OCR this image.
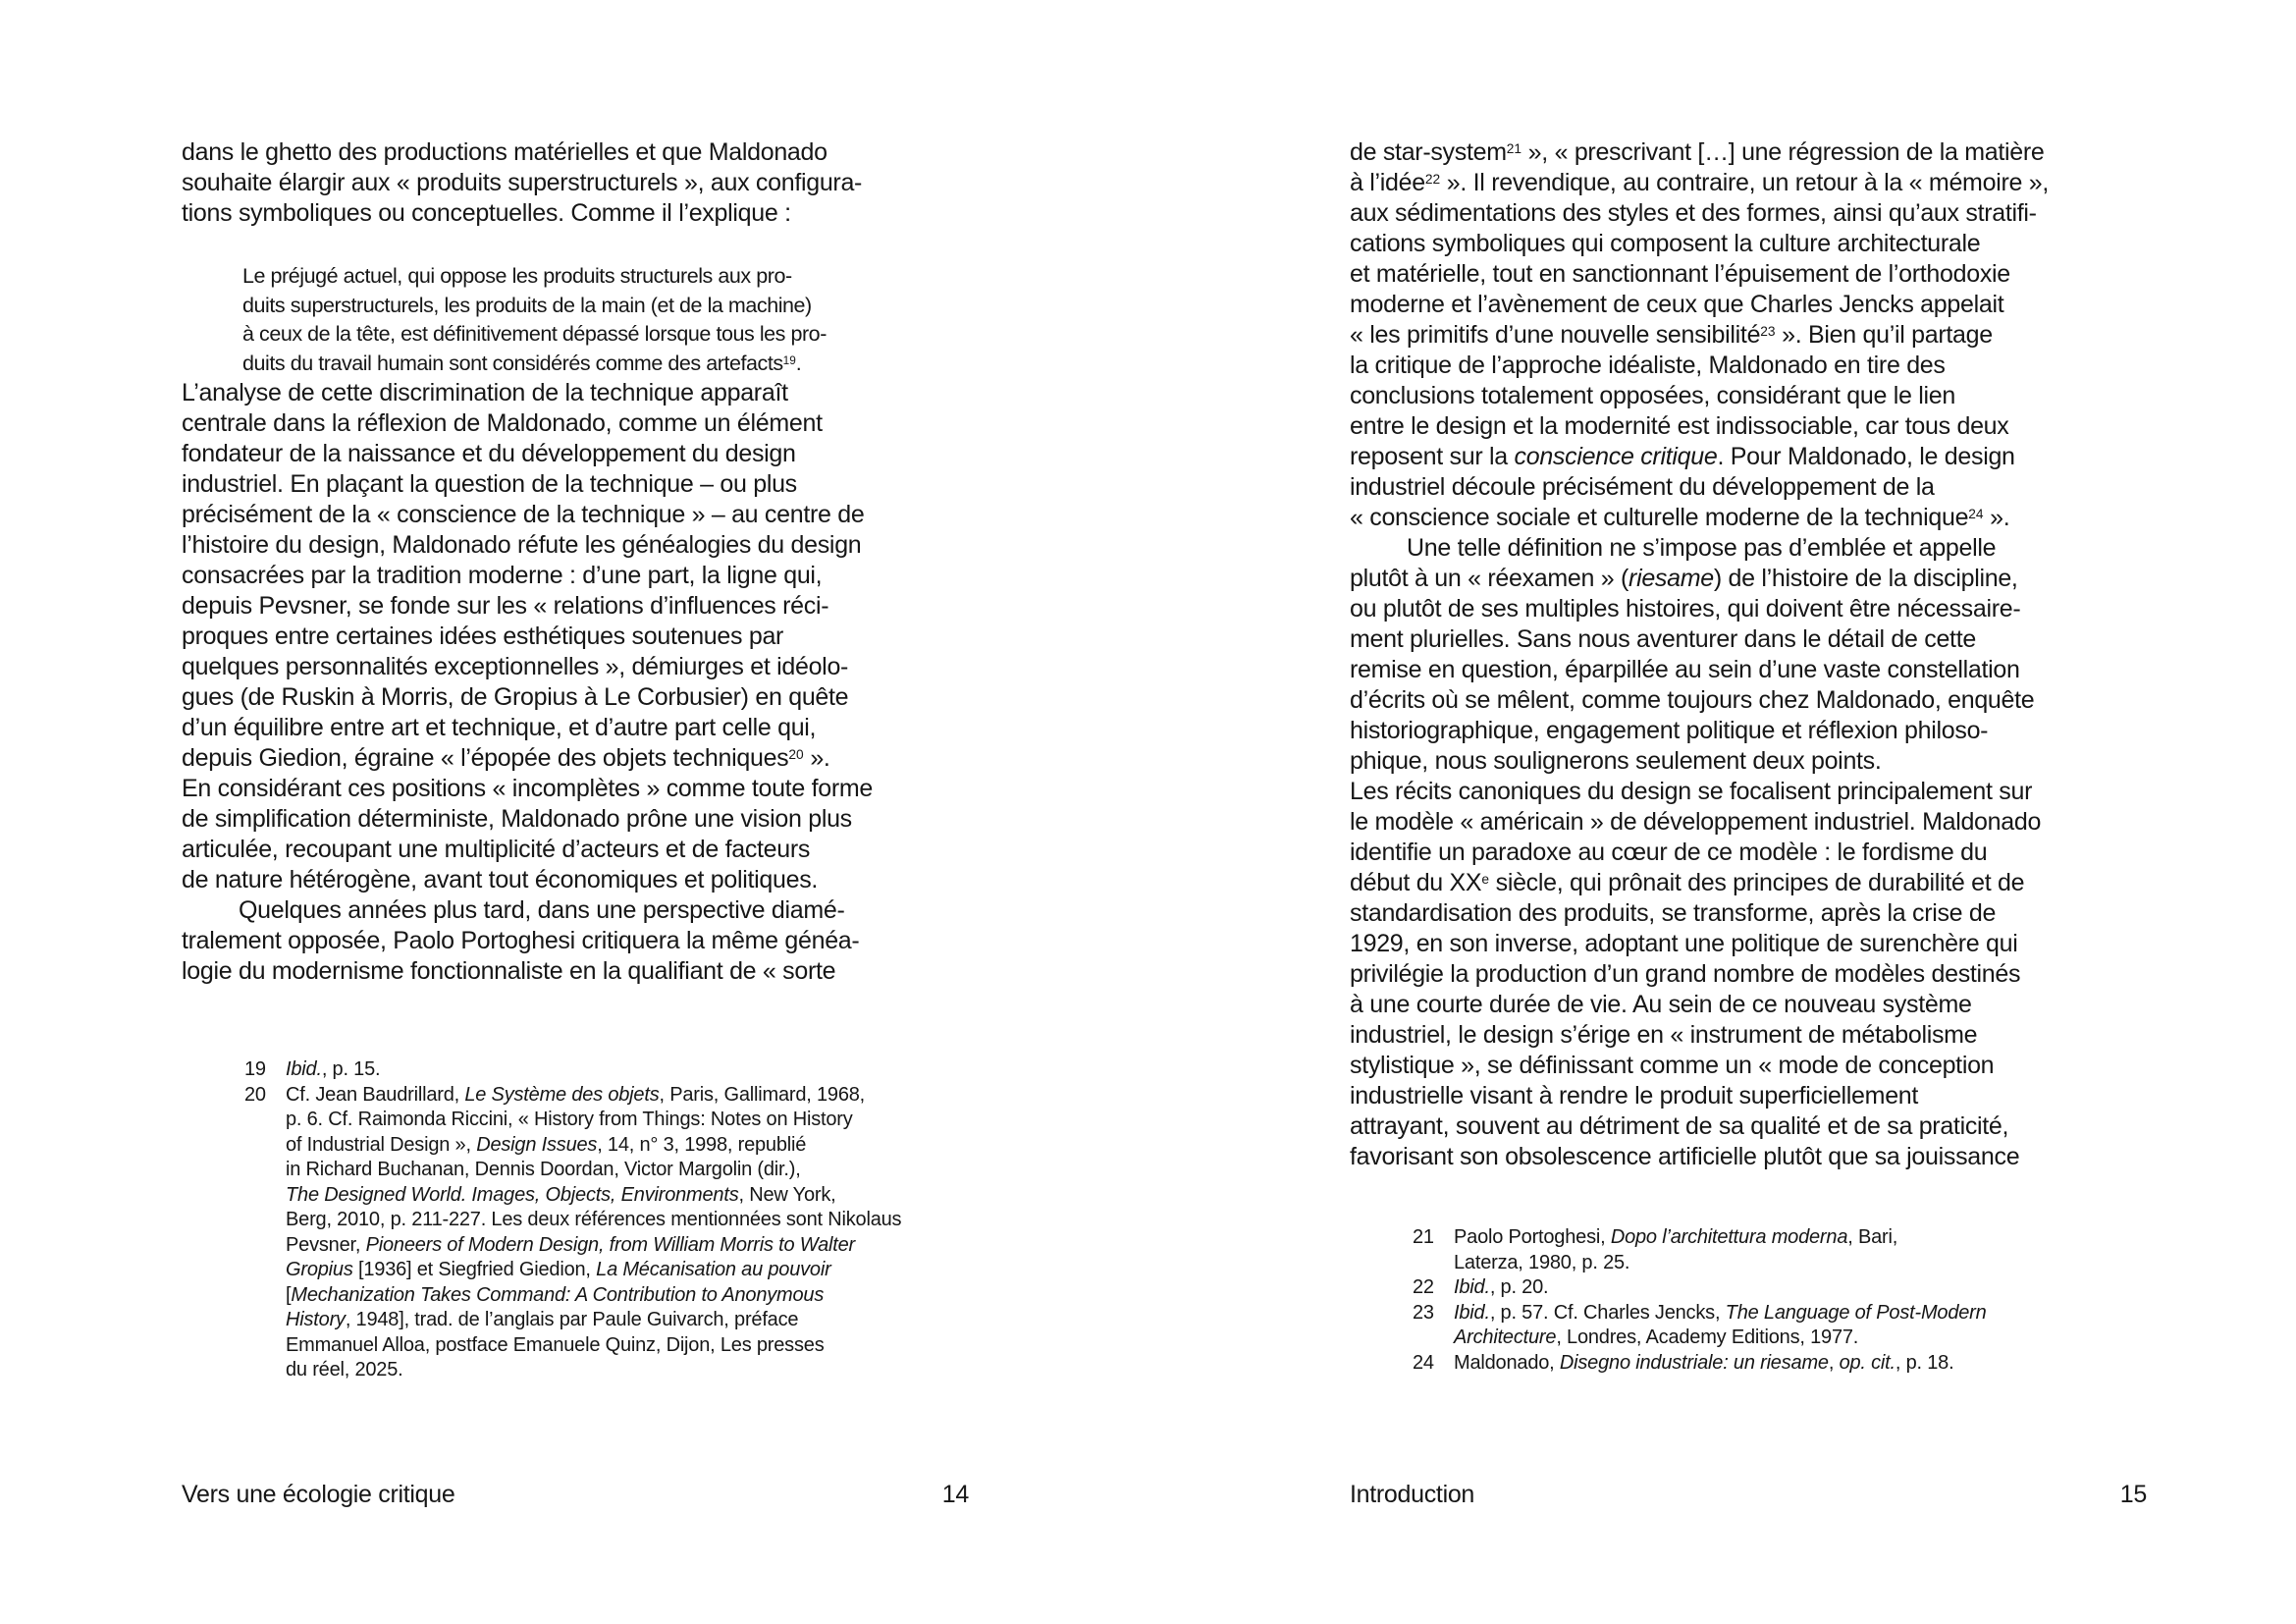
dans le ghetto des productions matérielles et que Maldonado
souhaite élargir aux « produits superstructurels », aux configura-
tions symboliques ou conceptuelles. Comme il l’explique :

Le préjugé actuel, qui oppose les produits structurels aux pro-
duits superstructurels, les produits de la main (et de la machine)
à ceux de la tête, est définitivement dépassé lorsque tous les pro-
duits du travail humain sont considérés comme des artefacts$^{19}$.

L’analyse de cette discrimination de la technique apparaît
centrale dans la réflexion de Maldonado, comme un élément
fondateur de la naissance et du développement du design
industriel. En plaçant la question de la technique – ou plus
précisément de la « conscience de la technique » – au centre de
l’histoire du design, Maldonado réfute les généalogies du design
consacrées par la tradition moderne : d’une part, la ligne qui,
depuis Pevsner, se fonde sur les « relations d’influences réci-
proques entre certaines idées esthétiques soutenues par
quelques personnalités exceptionnelles », démiurges et idéolo-
gues (de Ruskin à Morris, de Gropius à Le Corbusier) en quête
d’un équilibre entre art et technique, et d’autre part celle qui,
depuis Giedion, égraine « l’épopée des objets techniques$^{20}$ ».
En considérant ces positions « incomplètes » comme toute forme
de simplification déterministe, Maldonado prône une vision plus
articulée, recoupant une multiplicité d’acteurs et de facteurs
de nature hétérogène, avant tout économiques et politiques.

Quelques années plus tard, dans une perspective diamé-
tralement opposée, Paolo Portoghesi critiquera la même généa-
logie du modernisme fonctionnaliste en la qualifiant de « sorte

19	Ibid., p. 15.
20	Cf. Jean Baudrillard, Le Système des objets, Paris, Gallimard, 1968,
p. 6. Cf. Raimonda Riccini, « History from Things: Notes on History
of Industrial Design », Design Issues, 14, n° 3, 1998, republié
in Richard Buchanan, Dennis Doordan, Victor Margolin (dir.),
The Designed World. Images, Objects, Environments, New York,
Berg, 2010, p. 211-227. Les deux références mentionnées sont Nikolaus
Pevsner, Pioneers of Modern Design, from William Morris to Walter
Gropius [1936] et Siegfried Giedion, La Mécanisation au pouvoir
[Mechanization Takes Command: A Contribution to Anonymous
History, 1948], trad. de l’anglais par Paule Guivarch, préface
Emmanuel Alloa, postface Emanuele Quinz, Dijon, Les presses
du réel, 2025.
Vers une écologie critique	14

de star-system$^{21}$ », « prescrivant […] une régression de la matière
à l’idée$^{22}$ ». Il revendique, au contraire, un retour à la « mémoire »,
aux sédimentations des styles et des formes, ainsi qu’aux stratifi-
cations symboliques qui composent la culture architecturale
et matérielle, tout en sanctionnant l’épuisement de l’orthodoxie
moderne et l’avènement de ceux que Charles Jencks appelait
« les primitifs d’une nouvelle sensibilité$^{23}$ ». Bien qu’il partage
la critique de l’approche idéaliste, Maldonado en tire des
conclusions totalement opposées, considérant que le lien
entre le design et la modernité est indissociable, car tous deux
reposent sur la conscience critique. Pour Maldonado, le design
industriel découle précisément du développement de la
« conscience sociale et culturelle moderne de la technique$^{24}$ ».

Une telle définition ne s’impose pas d’emblée et appelle
plutôt à un « réexamen » (riesame) de l’histoire de la discipline,
ou plutôt de ses multiples histoires, qui doivent être nécessaire-
ment plurielles. Sans nous aventurer dans le détail de cette
remise en question, éparpillée au sein d’une vaste constellation
d’écrits où se mêlent, comme toujours chez Maldonado, enquête
historiographique, engagement politique et réflexion philoso-
phique, nous soulignerons seulement deux points.

Les récits canoniques du design se focalisent principalement sur
le modèle « américain » de développement industriel. Maldonado
identifie un paradoxe au cœur de ce modèle : le fordisme du
début du XXe siècle, qui prônait des principes de durabilité et de
standardisation des produits, se transforme, après la crise de
1929, en son inverse, adoptant une politique de surenchère qui
privilégie la production d’un grand nombre de modèles destinés
à une courte durée de vie. Au sein de ce nouveau système
industriel, le design s’érige en « instrument de métabolisme
stylistique », se définissant comme un « mode de conception
industrielle visant à rendre le produit superficiellement
attrayant, souvent au détriment de sa qualité et de sa praticité,
favorisant son obsolescence artificielle plutôt que sa jouissance

21	Paolo Portoghesi, Dopo l’architettura moderna, Bari,
Laterza, 1980, p. 25.
22	Ibid., p. 20.
23	Ibid., p. 57. Cf. Charles Jencks, The Language of Post-Modern
Architecture, Londres, Academy Editions, 1977.
24	Maldonado, Disegno industriale: un riesame, op. cit., p. 18.
Introduction	15
